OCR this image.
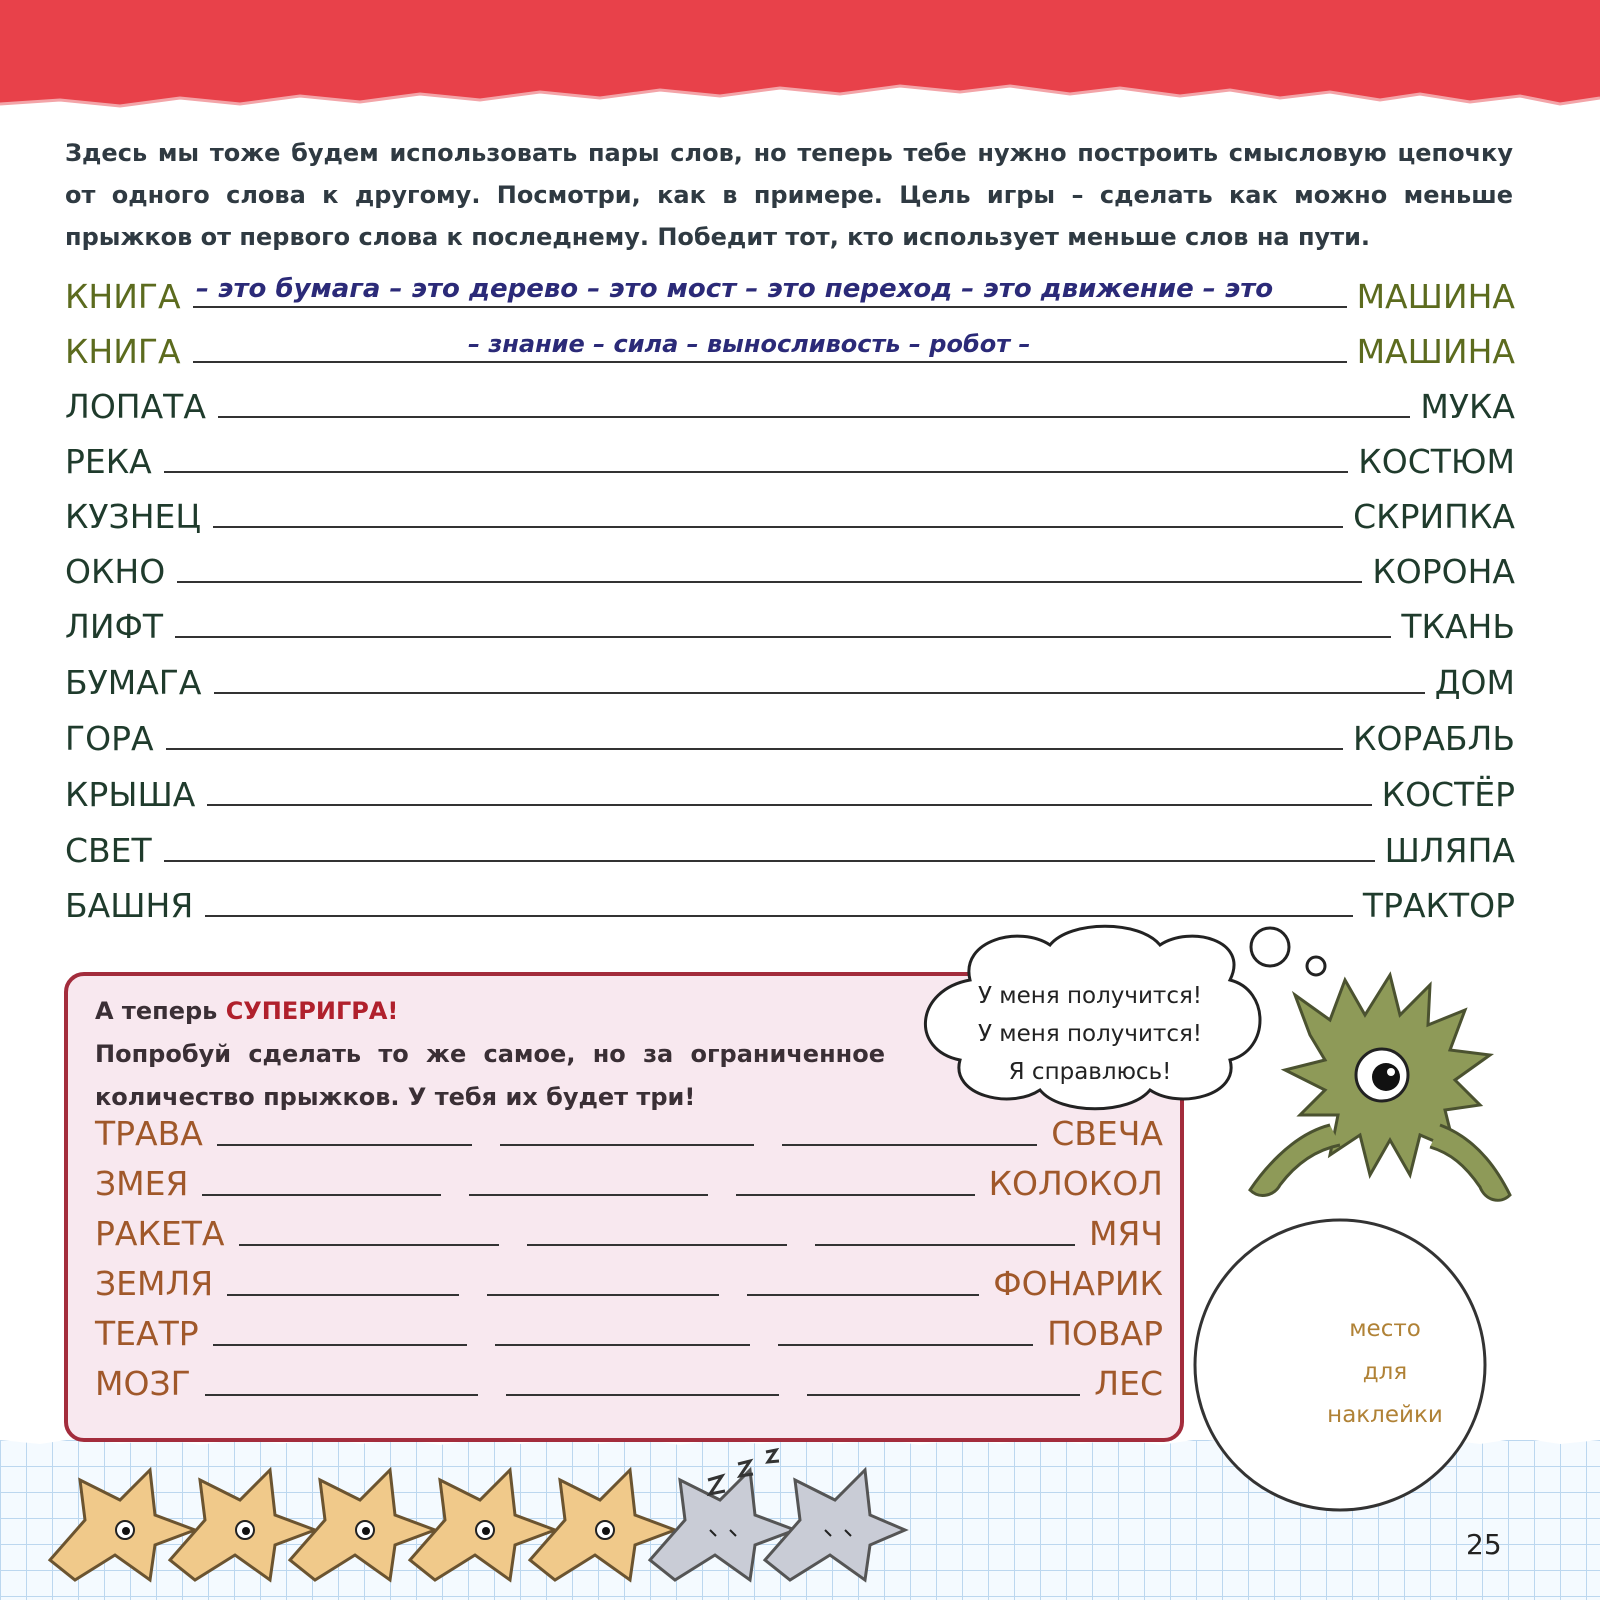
Здесь мы тоже будем использовать пары слов, но теперь тебе нужно построить смысловую цепочку от одного слова к другому. Посмотри, как в примере. Цель игры – сделать как можно меньше прыжков от первого слова к последнему. Победит тот, кто использует меньше слов на пути.
КНИГА	МАШИНА
– это бумага – это дерево – это мост – это переход – это движение – это
КНИГА	МАШИНА
– знание – сила – выносливость – робот –
ЛОПАТА	МУКА
РЕКА	КОСТЮМ
КУЗНЕЦ	СКРИПКА
ОКНО	КОРОНА
ЛИФТ	ТКАНЬ
БУМАГА	ДОМ
ГОРА	КОРАБЛЬ
КРЫША	КОСТЁР
СВЕТ	ШЛЯПА
БАШНЯ	ТРАКТОР
А теперь СУПЕРИГРА!
Попробуй сделать то же самое, но за ограниченное
количество прыжков. У тебя их будет три!
ТРАВА	СВЕЧА
ЗМЕЯ	КОЛОКОЛ
РАКЕТА	МЯЧ
ЗЕМЛЯ	ФОНАРИК
ТЕАТР	ПОВАР
МОЗГ	ЛЕС
У меня получится!
У меня получится!
Я справлюсь!
место
для
наклейки
25
